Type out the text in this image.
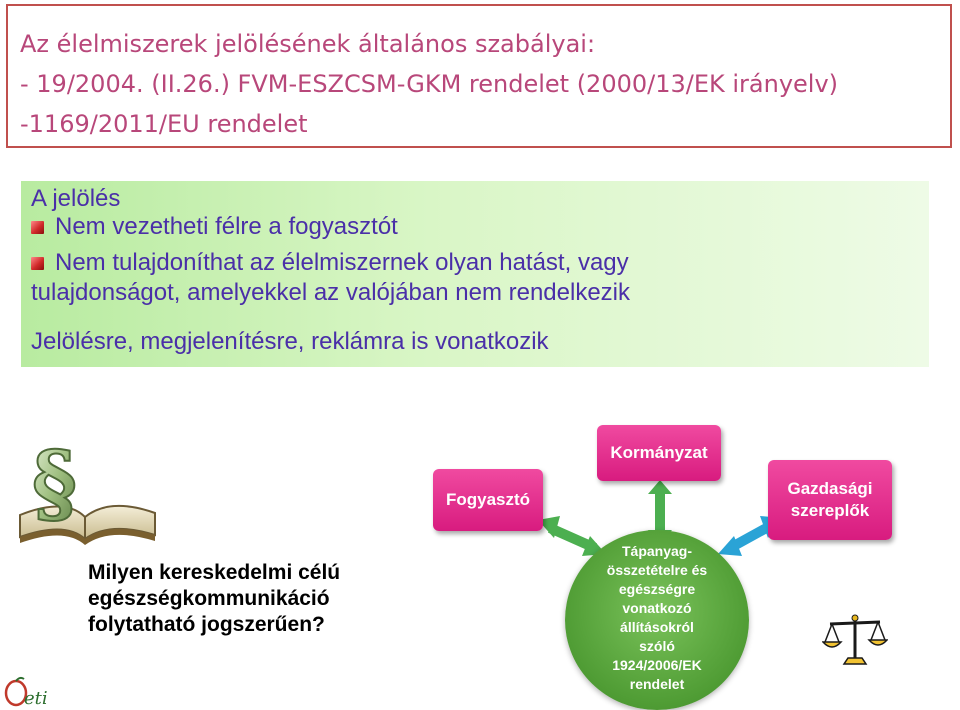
Az élelmiszerek jelölésének általános szabályai:
- 19/2004. (II.26.) FVM-ESZCSM-GKM rendelet (2000/13/EK irányelv)
-1169/2011/EU rendelet
A jelölés
Nem vezetheti félre a fogyasztót
Nem tulajdoníthat az élelmiszernek olyan hatást, vagy
tulajdonságot, amelyekkel az valójában nem rendelkezik
Jelölésre, megjelenítésre, reklámra is vonatkozik
§
Milyen kereskedelmi célú
egészségkommunikáció
folytatható jogszerűen?
Kormányzat
Fogyasztó
Gazdasági
szereplők
Tápanyag-
összetételre és
egészségre
vonatkozó
állításokról
szóló
1924/2006/EK
rendelet
eti
